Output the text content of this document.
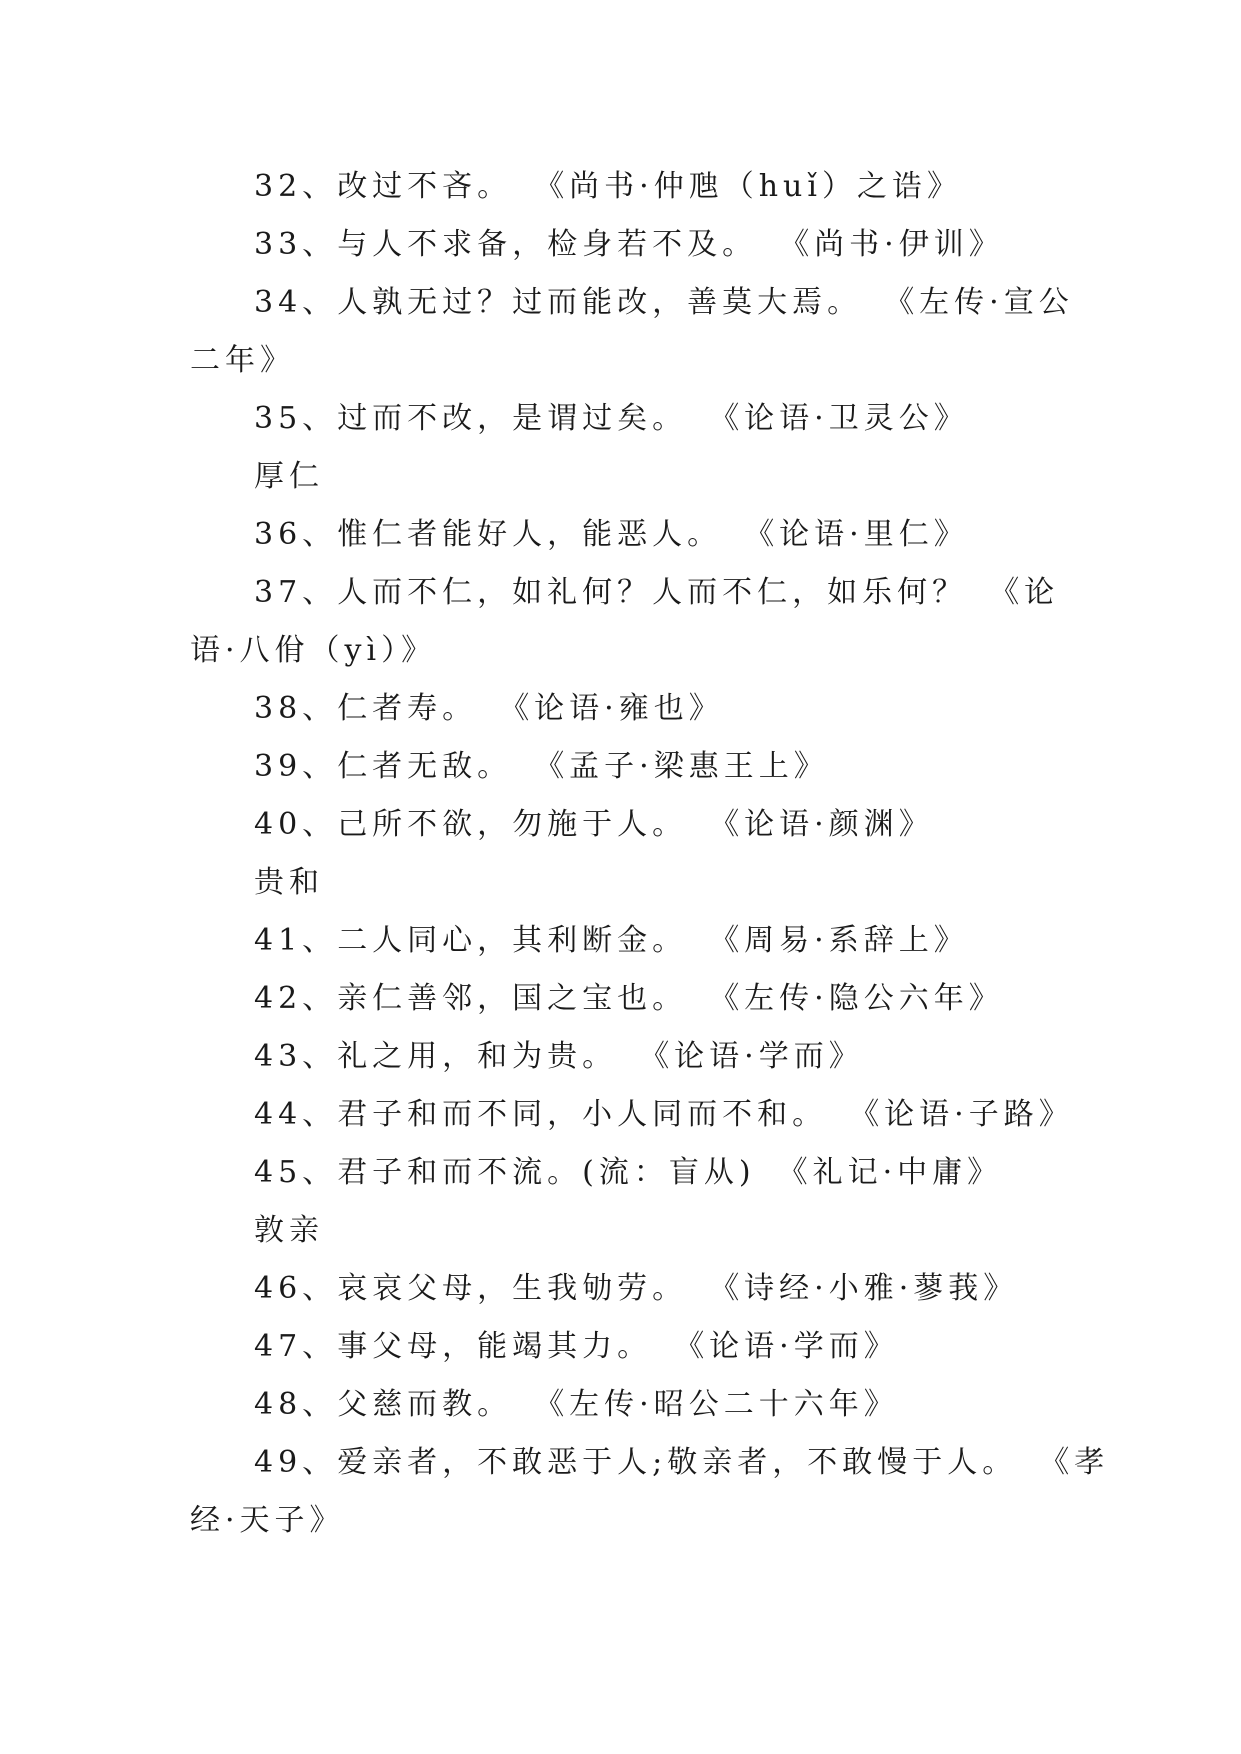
32、改过不吝。 《尚书·仲虺（huǐ）之诰》
33、与人不求备，检身若不及。 《尚书·伊训》
34、人孰无过？过而能改，善莫大焉。 《左传·宣公
二年》
35、过而不改，是谓过矣。 《论语·卫灵公》
厚仁
36、惟仁者能好人，能恶人。 《论语·里仁》
37、人而不仁，如礼何？人而不仁，如乐何？ 《论
语·八佾（yì）》
38、仁者寿。 《论语·雍也》
39、仁者无敌。 《孟子·梁惠王上》
40、己所不欲，勿施于人。 《论语·颜渊》
贵和
41、二人同心，其利断金。 《周易·系辞上》
42、亲仁善邻，国之宝也。 《左传·隐公六年》
43、礼之用，和为贵。 《论语·学而》
44、君子和而不同，小人同而不和。 《论语·子路》
45、君子和而不流。(流：盲从) 《礼记·中庸》
敦亲
46、哀哀父母，生我劬劳。 《诗经·小雅·蓼莪》
47、事父母，能竭其力。 《论语·学而》
48、父慈而教。 《左传·昭公二十六年》
49、爱亲者，不敢恶于人;敬亲者，不敢慢于人。 《孝
经·天子》
